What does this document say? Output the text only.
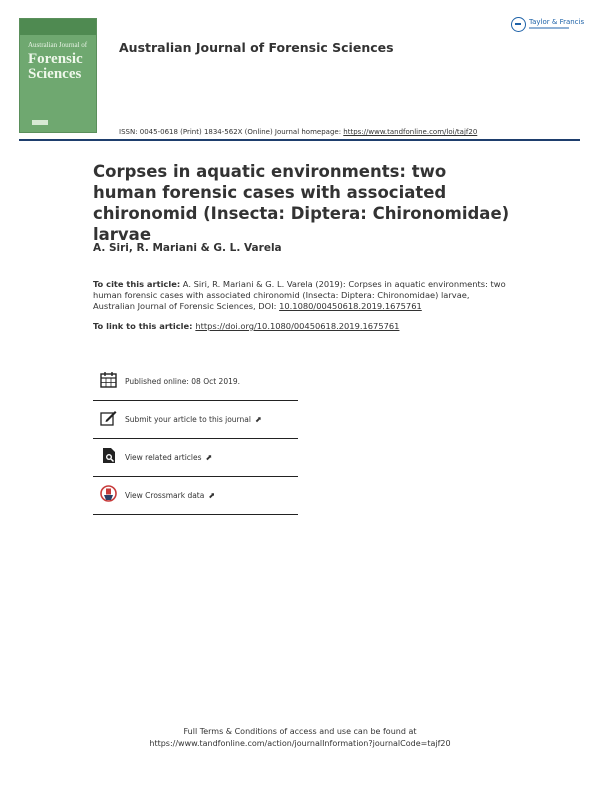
Australian Journal of
Forensic
Sciences
Australian Journal of Forensic Sciences
Taylor & Francis
ISSN: 0045-0618 (Print) 1834-562X (Online) Journal homepage: https://www.tandfonline.com/loi/tajf20
Corpses in aquatic environments: two human forensic cases with associated chironomid (Insecta: Diptera: Chironomidae) larvae
A. Siri, R. Mariani & G. L. Varela
To cite this article: A. Siri, R. Mariani & G. L. Varela (2019): Corpses in aquatic environments: two human forensic cases with associated chironomid (Insecta: Diptera: Chironomidae) larvae, Australian Journal of Forensic Sciences, DOI: 10.1080/00450618.2019.1675761
To link to this article: https://doi.org/10.1080/00450618.2019.1675761
Published online: 08 Oct 2019.
Submit your article to this journal ⬈
View related articles ⬈
View Crossmark data ⬈
Full Terms & Conditions of access and use can be found at
https://www.tandfonline.com/action/journalInformation?journalCode=tajf20
